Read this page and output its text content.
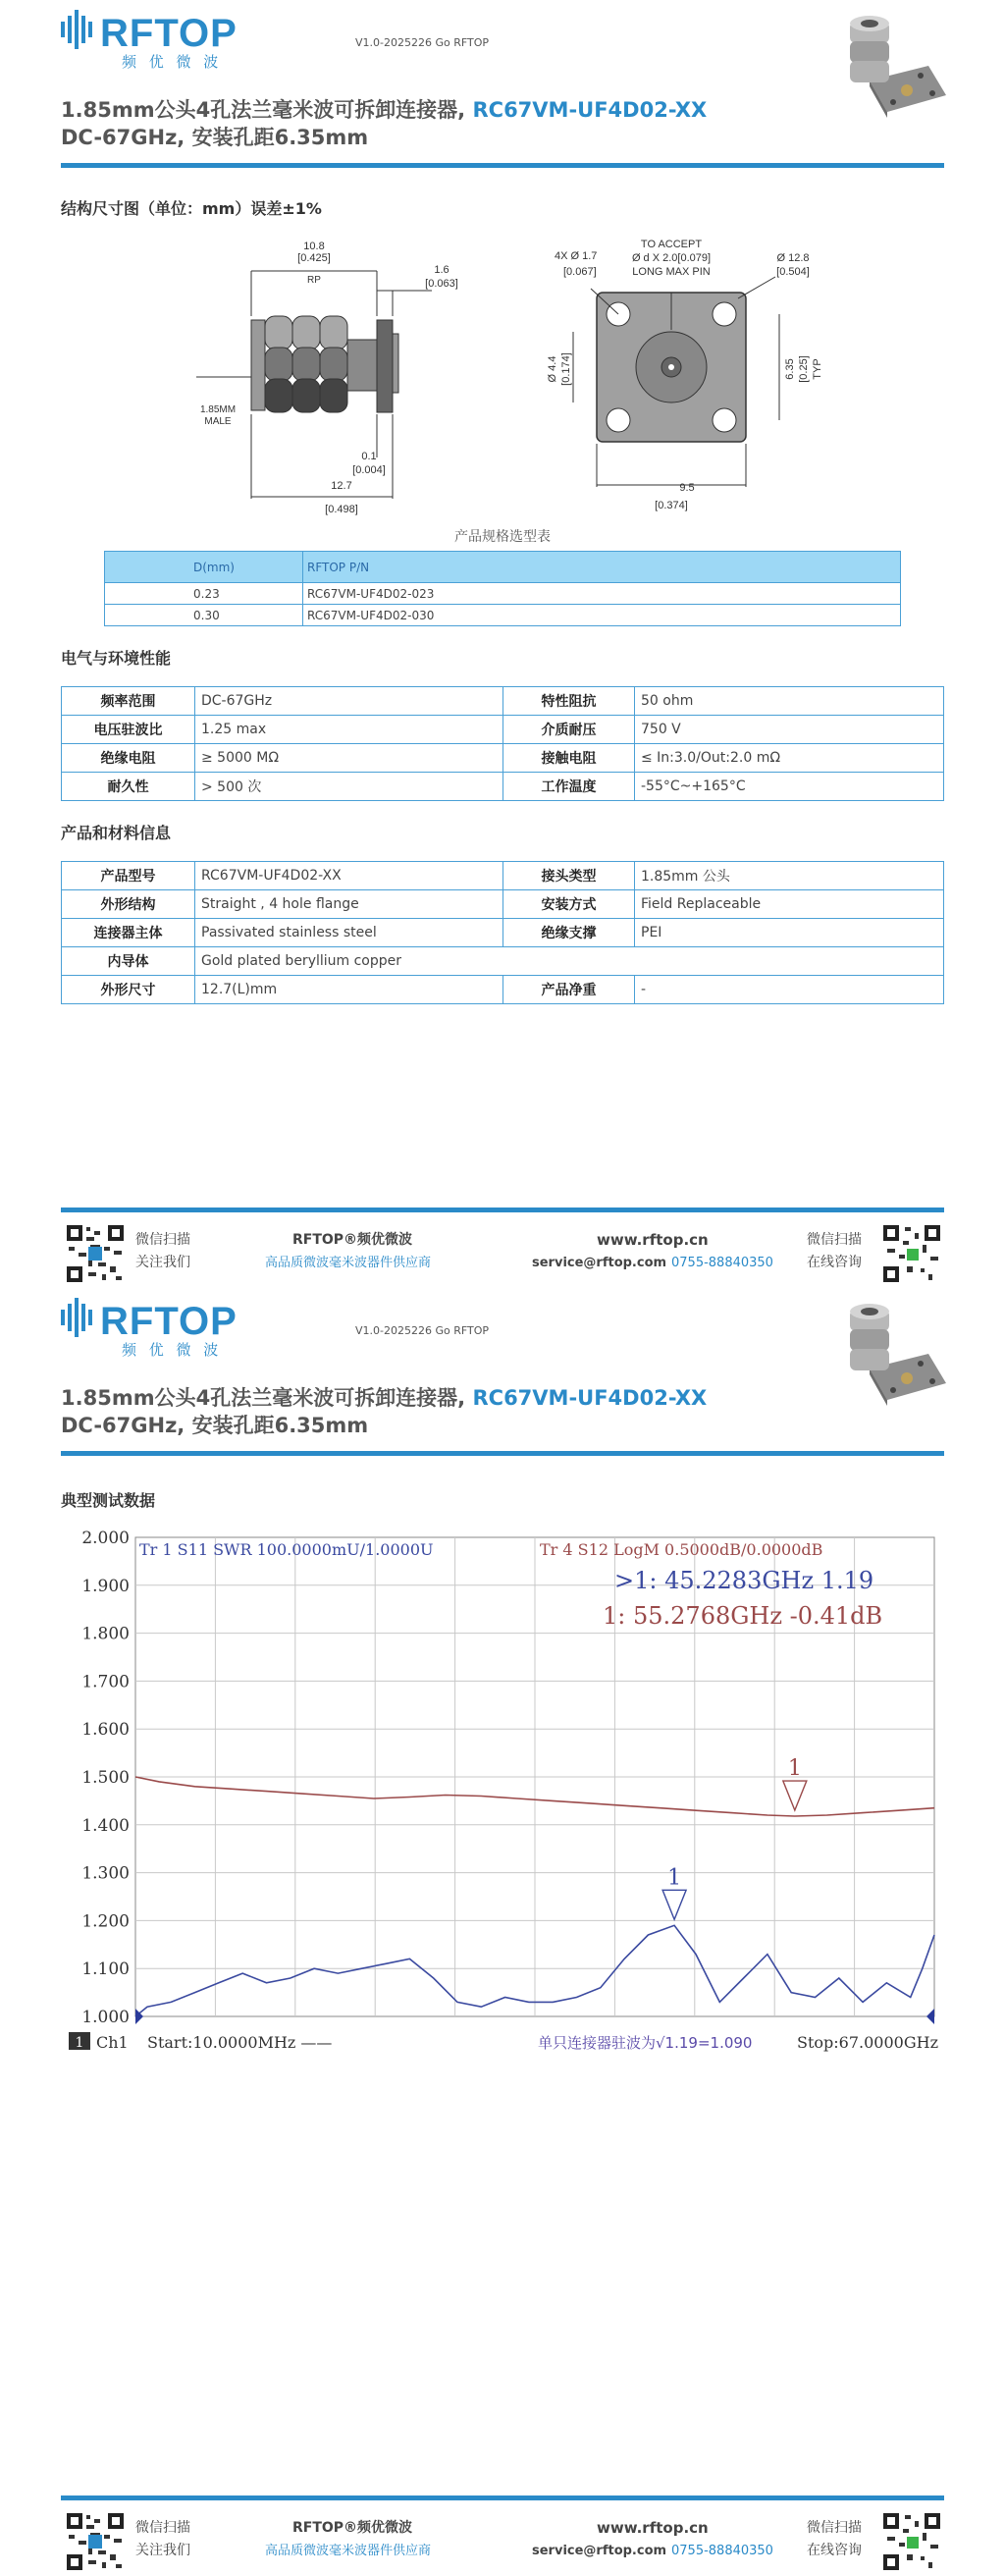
RFTOP
频 优 微 波
V1.0-2025226 Go RFTOP
1.85mm公头4孔法兰毫米波可拆卸连接器, RC67VM-UF4D02-XX
DC-67GHz, 安装孔距6.35mm
结构尺寸图（单位：mm）误差±1%
10.8
[0.425]
RP
1.6
[0.063]
1.85MM
MALE
0.1
[0.004]
12.7
[0.498]
4X Ø 1.7
[0.067]
TO ACCEPT
Ø d X 2.0[0.079]
LONG MAX PIN
Ø 12.8
[0.504]
Ø 4.4 [0.174]	6.35 [0.25] TYP
9.5
[0.374]
产品规格选型表
D(mm)	RFTOP P/N
0.23	RC67VM-UF4D02-023
0.30	RC67VM-UF4D02-030
电气与环境性能
频率范围	DC-67GHz	特性阻抗	50 ohm
电压驻波比	1.25 max	介质耐压	750 V
绝缘电阻	≥ 5000 MΩ	接触电阻	≤ In:3.0/Out:2.0 mΩ
耐久性	> 500 次	工作温度	-55°C~+165°C
产品和材料信息
产品型号	RC67VM-UF4D02-XX	接头类型	1.85mm 公头
外形结构	Straight , 4 hole flange	安装方式	Field Replaceable
连接器主体	Passivated stainless steel	绝缘支撑	PEI
内导体	Gold plated beryllium copper		
外形尺寸	12.7(L)mm	产品净重	-
微信扫描
关注我们
RFTOP®频优微波
高品质微波毫米波器件供应商
www.rftop.cn
service@rftop.com 0755-88840350
微信扫描
在线咨询
RFTOP
频 优 微 波
V1.0-2025226 Go RFTOP
1.85mm公头4孔法兰毫米波可拆卸连接器, RC67VM-UF4D02-XX
DC-67GHz, 安装孔距6.35mm
典型测试数据
2.000
1.900
1.800
1.700
1.600
1.500
1.400
1.300
1.200
1.100
1.000
Tr 1 S11 SWR 100.0000mU/1.0000U	Tr 4 S12 LogM 0.5000dB/0.0000dB
>1: 45.2283GHz 1.19
1: 55.2768GHz -0.41dB
1
1
1 Ch1 Start:10.0000MHz ——	Stop:67.0000GHz
单只连接器驻波为√1.19=1.090
微信扫描
关注我们
RFTOP®频优微波
高品质微波毫米波器件供应商
www.rftop.cn
service@rftop.com 0755-88840350
微信扫描
在线咨询
